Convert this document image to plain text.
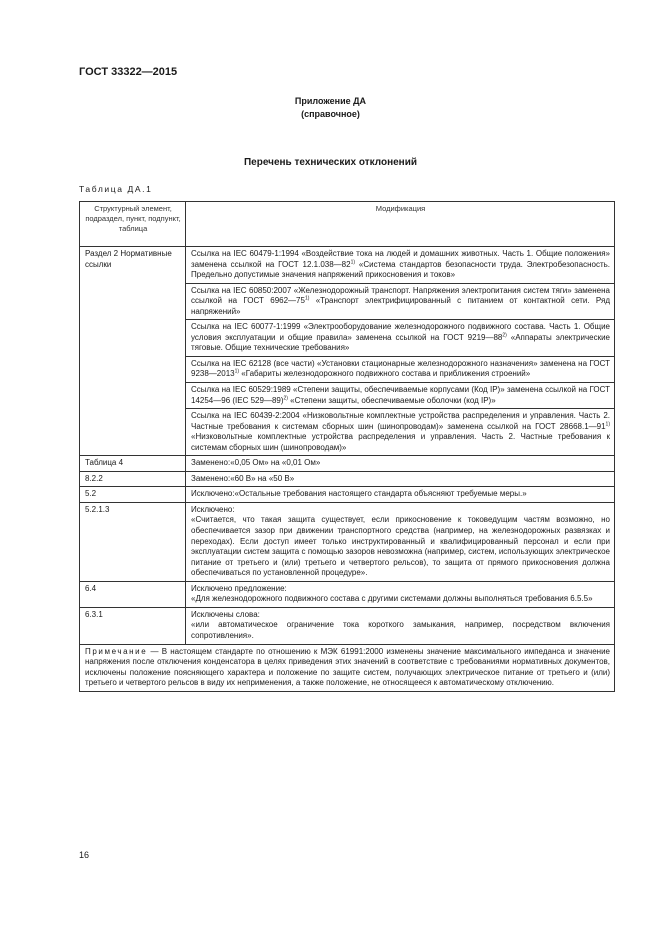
ГОСТ 33322—2015
Приложение ДА
(справочное)
Перечень технических отклонений
Таблица ДА.1
Структурный элемент, подраздел, пункт, подпункт, таблица	Модификация
Раздел 2 Нормативные ссылки	Ссылка на IEC 60479-1:1994 «Воздействие тока на людей и домашних животных. Часть 1. Общие положения» заменена ссылкой на ГОСТ 12.1.038—82$^{1)}$ «Система стандартов безопасности труда. Электробезопасность. Предельно допустимые значения напряжений прикосновения и токов»
	Ссылка на IEC 60850:2007 «Железнодорожный транспорт. Напряжения электропитания систем тяги» заменена ссылкой на ГОСТ 6962—75$^{1)}$ «Транспорт электрифицированный с питанием от контактной сети. Ряд напряжений»
	Ссылка на IEC 60077-1:1999 «Электрооборудование железнодорожного подвижного состава. Часть 1. Общие условия эксплуатации и общие правила» заменена ссылкой на ГОСТ 9219—88$^{2)}$ «Аппараты электрические тяговые. Общие технические требования»
	Ссылка на IEC 62128 (все части) «Установки стационарные железнодорожного назначения» заменена на ГОСТ 9238—2013$^{1)}$ «Габариты железнодорожного подвижного состава и приближения строений»
	Ссылка на IEC 60529:1989 «Степени защиты, обеспечиваемые корпусами (Код IP)» заменена ссылкой на ГОСТ 14254—96 (IEC 529—89)$^{2)}$ «Степени защиты, обеспечиваемые оболочки (код IP)»
	Ссылка на IEC 60439-2:2004 «Низковольтные комплектные устройства распределения и управления. Часть 2. Частные требования к системам сборных шин (шинопроводам)» заменена ссылкой на ГОСТ 28668.1—91$^{1)}$ «Низковольтные комплектные устройства распределения и управления. Часть 2. Частные требования к системам сборных шин (шинопроводам)»
Таблица 4	Заменено:«0,05 Ом» на «0,01 Ом»
8.2.2	Заменено:«60 В» на «50 В»
5.2	Исключено:«Остальные требования настоящего стандарта объясняют требуемые меры.»
5.2.1.3	Исключено:
«Считается, что такая защита существует, если прикосновение к токоведущим частям возможно, но обеспечивается зазор при движении транспортного средства (например, на железнодорожных развязках и переходах). Если доступ имеет только инструктированный и квалифицированный персонал и если при эксплуатации систем защита с помощью зазоров невозможна (например, систем, использующих электрическое питание от третьего и (или) третьего и четвертого рельсов), то защита от прямого прикосновения должна обеспечиваться по установленной процедуре».

6.4	Исключено предложение:
«Для железнодорожного подвижного состава с другими системами должны выполняться требования 6.5.5»

6.3.1	Исключены слова:
«или автоматическое ограничение тока короткого замыкания, например, посредством включения сопротивления».

Примечание — В настоящем стандарте по отношению к МЭК 61991:2000 изменены значение максимального импеданса и значение напряжения после отключения конденсатора в целях приведения этих значений в соответствие с требованиями нормативных документов, исключены положение поясняющего характера и положение по защите систем, получающих электрическое питание от третьего и (или) третьего и четвертого рельсов в виду их неприменения, а также положение, не относящееся к автоматическому отключению.	
16
